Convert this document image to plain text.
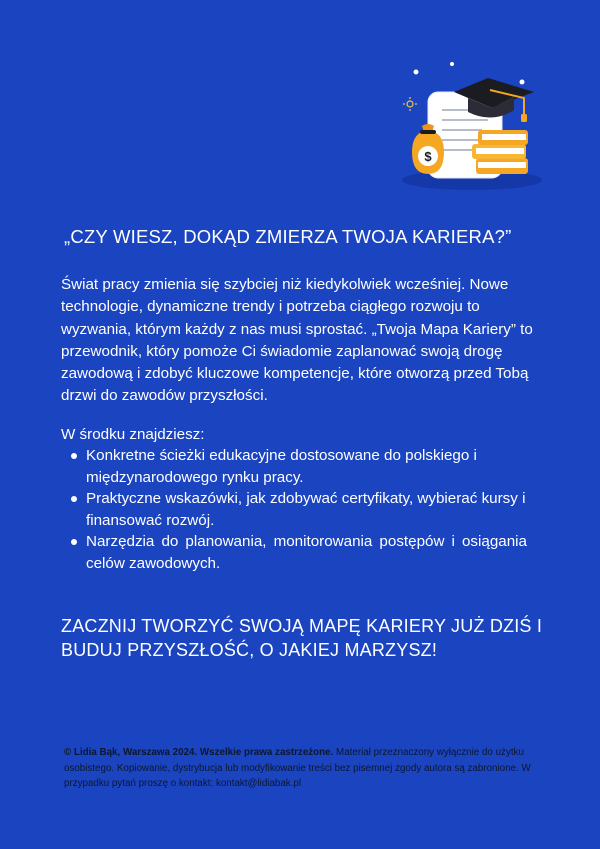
$
„CZY WIESZ, DOKĄD ZMIERZA TWOJA KARIERA?”

Świat pracy zmienia się szybciej niż kiedykolwiek wcześniej. Nowe technologie, dynamiczne trendy i potrzeba ciągłego rozwoju to wyzwania, którym każdy z nas musi sprostać. „Twoja Mapa Kariery” to przewodnik, który pomoże Ci świadomie zaplanować swoją drogę zawodową i zdobyć kluczowe kompetencje, które otworzą przed Tobą drzwi do zawodów przyszłości.

W środku znajdziesz:

Konkretne ścieżki edukacyjne dostosowane do polskiego i międzynarodowego rynku pracy.
Praktyczne wskazówki, jak zdobywać certyfikaty, wybierać kursy i finansować rozwój.
Narzędzia do planowania, monitorowania postępów i osiągania celów zawodowych.
ZACZNIJ TWORZYĆ SWOJĄ MAPĘ KARIERY JUŻ DZIŚ I BUDUJ PRZYSZŁOŚĆ, O JAKIEJ MARZYSZ!

© Lidia Bąk, Warszawa 2024. Wszelkie prawa zastrzeżone. Materiał przeznaczony wyłącznie do użytku osobistego. Kopiowanie, dystrybucja lub modyfikowanie treści bez pisemnej zgody autora są zabronione. W przypadku pytań proszę o kontakt: kontakt@lidiabak.pl
